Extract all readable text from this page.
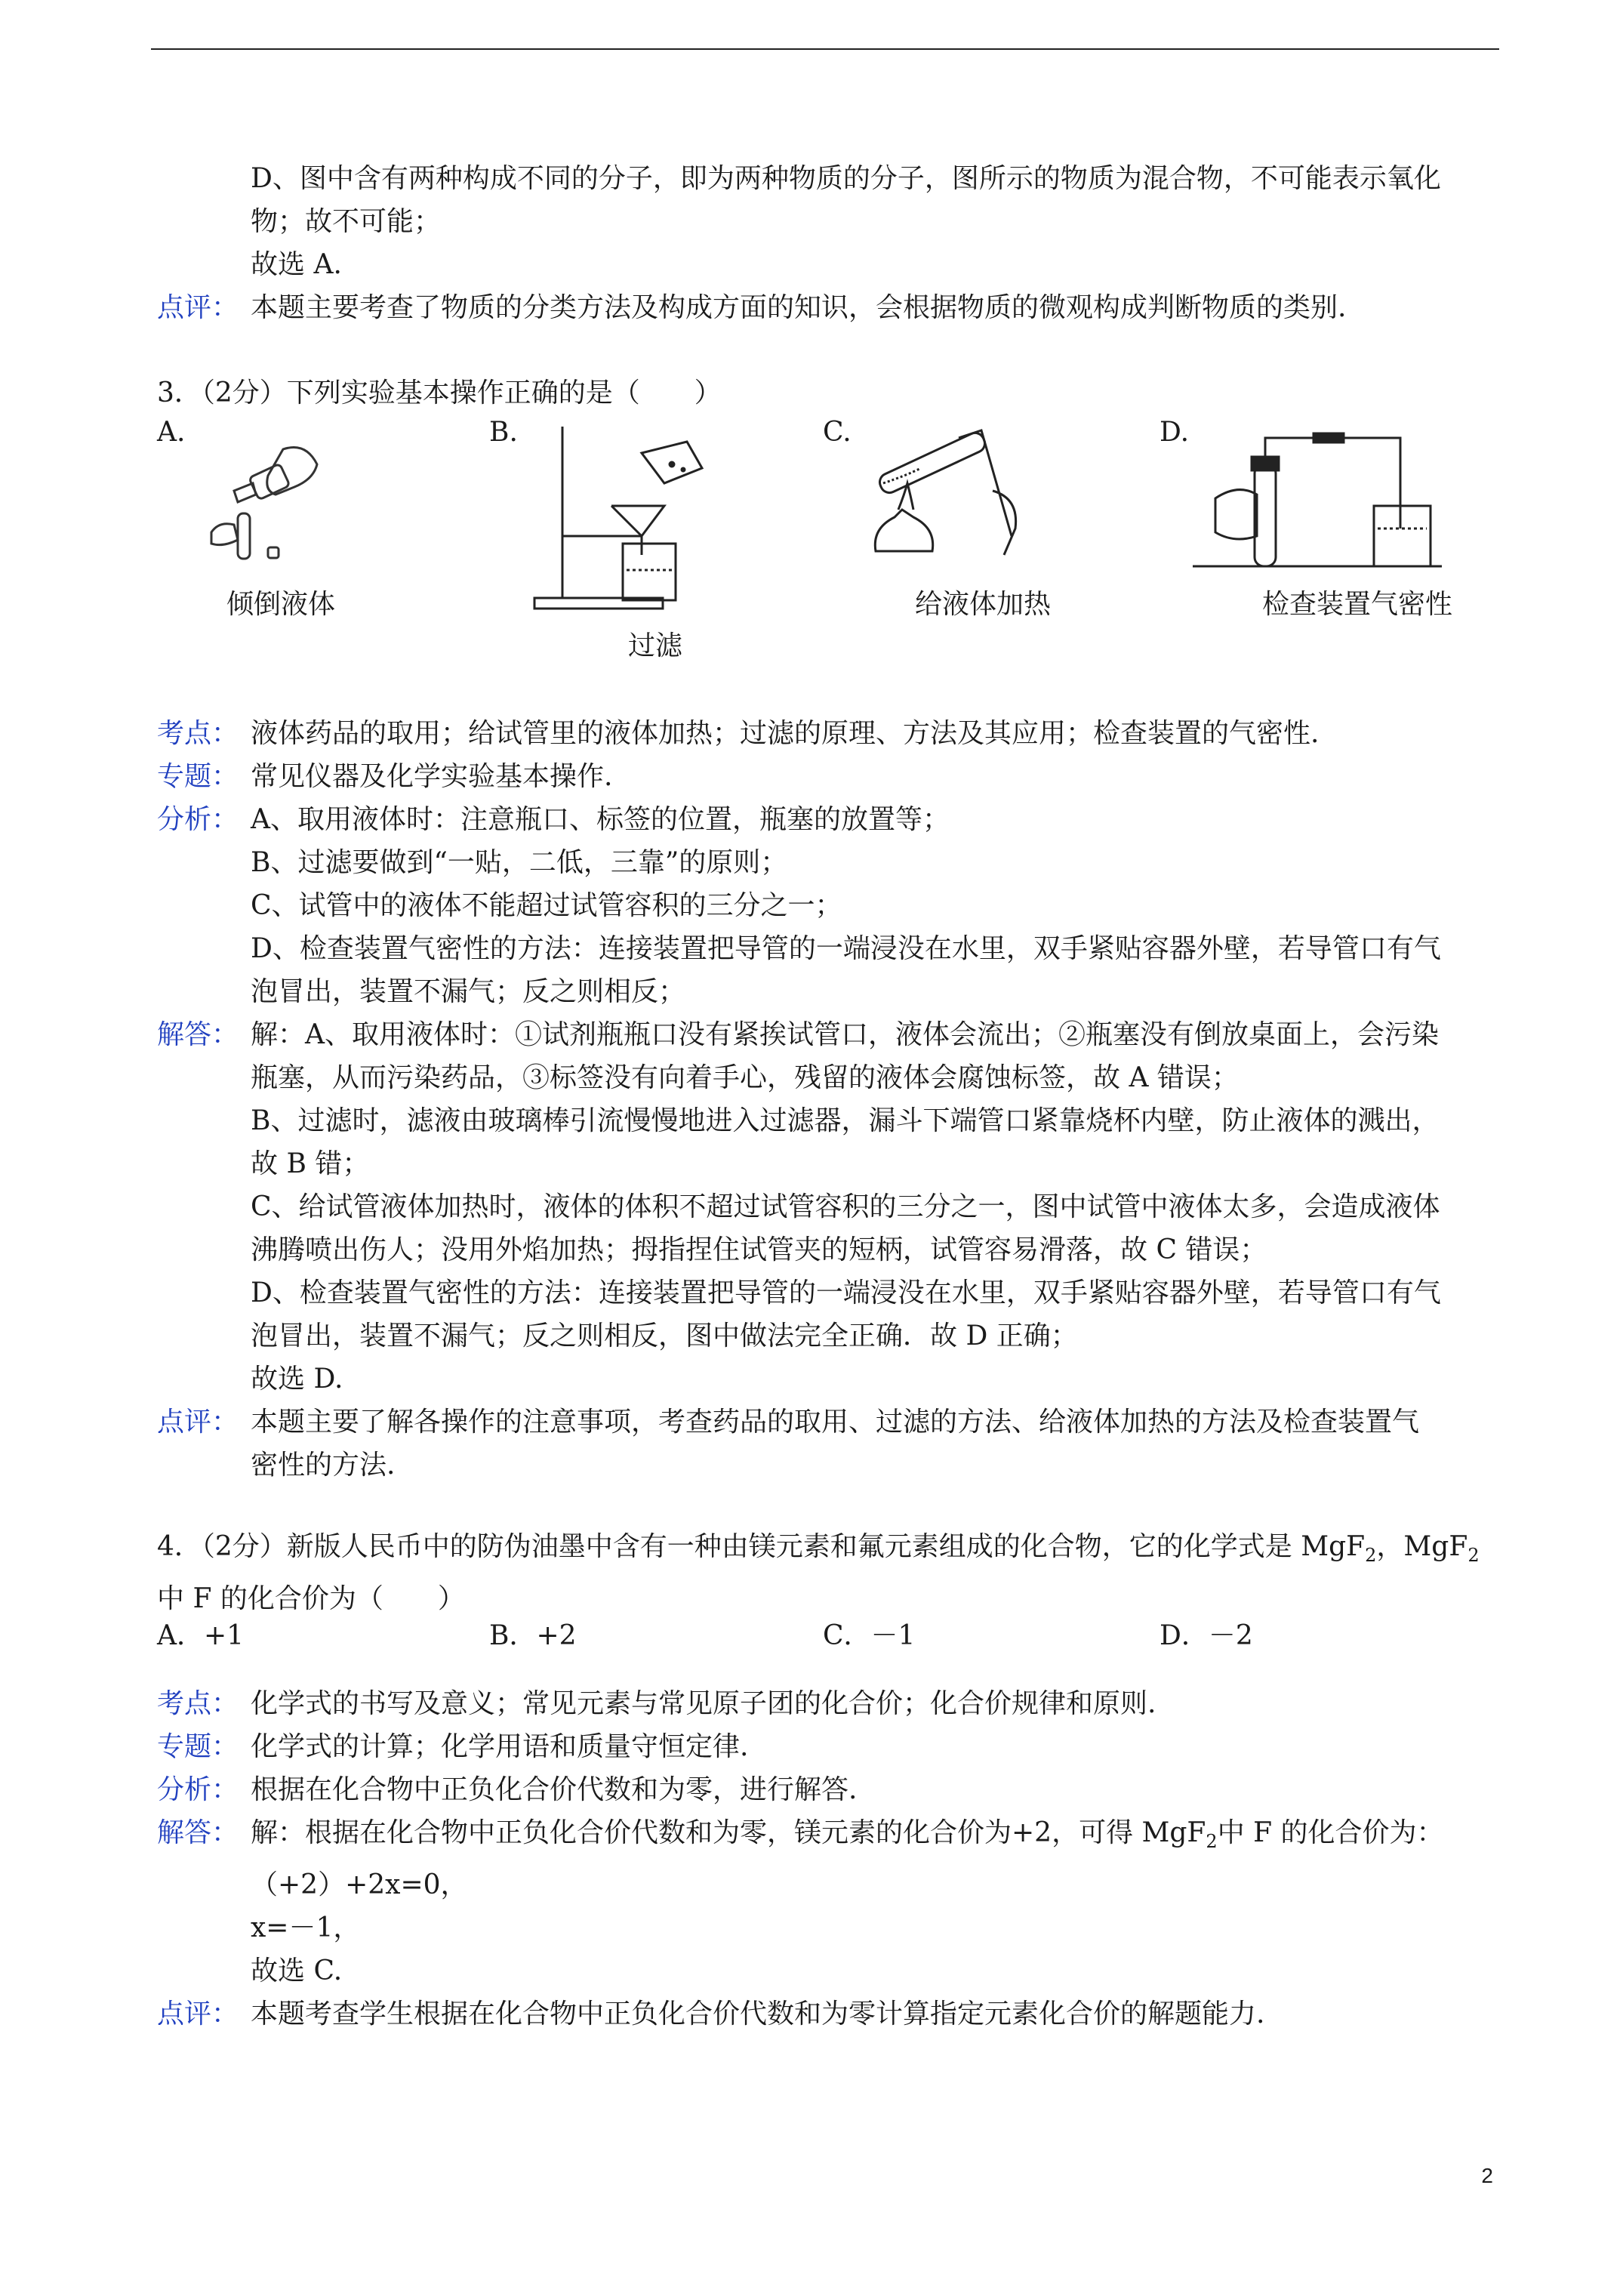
D、图中含有两种构成不同的分子，即为两种物质的分子，图所示的物质为混合物，不可能表示氧化
物；故不可能；
故选 A.
点评： 本题主要考查了物质的分类方法及构成方面的知识，会根据物质的微观构成判断物质的类别.
3．（2分）下列实验基本操作正确的是（　　）
A.	B.	C.	D.
倾倒液体
过滤
给液体加热	检查装置气密性
考点： 液体药品的取用；给试管里的液体加热；过滤的原理、方法及其应用；检查装置的气密性.
专题： 常见仪器及化学实验基本操作.
分析： A、取用液体时：注意瓶口、标签的位置，瓶塞的放置等；
B、过滤要做到“一贴，二低，三靠”的原则；
C、试管中的液体不能超过试管容积的三分之一；
D、检查装置气密性的方法：连接装置把导管的一端浸没在水里，双手紧贴容器外壁，若导管口有气
泡冒出，装置不漏气；反之则相反；
解答： 解：A、取用液体时：①试剂瓶瓶口没有紧挨试管口，液体会流出；②瓶塞没有倒放桌面上，会污染
瓶塞，从而污染药品，③标签没有向着手心，残留的液体会腐蚀标签，故 A 错误；
B、过滤时，滤液由玻璃棒引流慢慢地进入过滤器，漏斗下端管口紧靠烧杯内壁，防止液体的溅出，
故 B 错；
C、给试管液体加热时，液体的体积不超过试管容积的三分之一，图中试管中液体太多，会造成液体
沸腾喷出伤人；没用外焰加热；拇指捏住试管夹的短柄，试管容易滑落，故 C 错误；
D、检查装置气密性的方法：连接装置把导管的一端浸没在水里，双手紧贴容器外壁，若导管口有气
泡冒出，装置不漏气；反之则相反，图中做法完全正确．故 D 正确；
故选 D.
点评： 本题主要了解各操作的注意事项，考查药品的取用、过滤的方法、给液体加热的方法及检查装置气
密性的方法.
4．（2分）新版人民币中的防伪油墨中含有一种由镁元素和氟元素组成的化合物，它的化学式是 MgF$_2$，MgF$_2$
中 F 的化合价为（　　）
A．+1	B．+2	C．－1	D．－2
考点： 化学式的书写及意义；常见元素与常见原子团的化合价；化合价规律和原则.
专题： 化学式的计算；化学用语和质量守恒定律.
分析： 根据在化合物中正负化合价代数和为零，进行解答.
解答： 解：根据在化合物中正负化合价代数和为零，镁元素的化合价为+2，可得 MgF$_2$中 F 的化合价为：
（+2）+2x=0，
x=－1，
故选 C.
点评： 本题考查学生根据在化合物中正负化合价代数和为零计算指定元素化合价的解题能力.
2
